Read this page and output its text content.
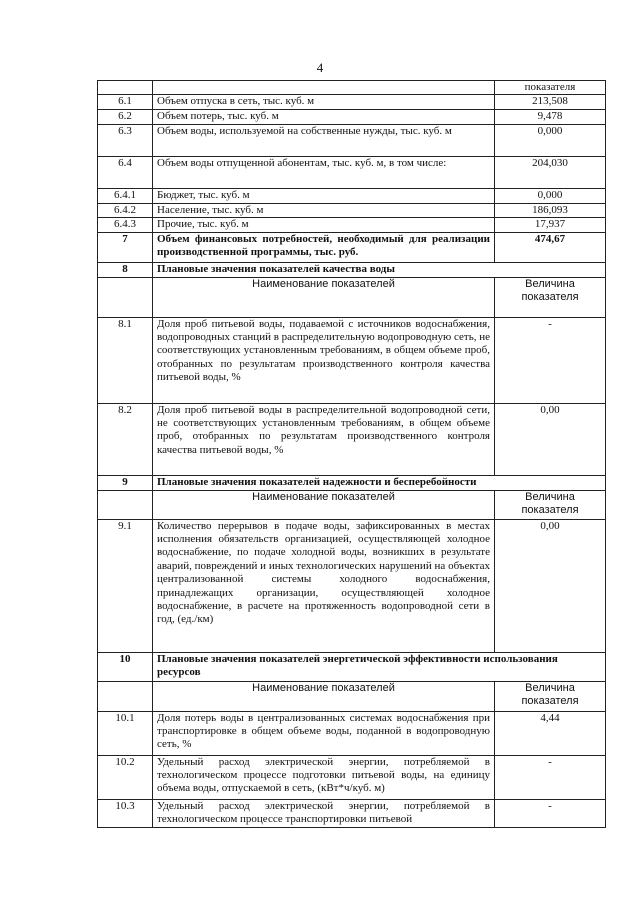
4
		показателя
6.1	Объем отпуска в сеть, тыс. куб. м	213,508
6.2	Объем потерь, тыс. куб. м	9,478
6.3	Объем воды, используемой на собственные нужды, тыс. куб. м	0,000
6.4	Объем воды отпущенной абонентам, тыс. куб. м, в том числе:	204,030
6.4.1	Бюджет, тыс. куб. м	0,000
6.4.2	Население, тыс. куб. м	186,093
6.4.3	Прочие, тыс. куб. м	17,937
7	Объем финансовых потребностей, необходимый для реализации производственной программы, тыс. руб.	474,67
8	Плановые значения показателей качества воды	
	Наименование показателей	Величина показателя
8.1	Доля проб питьевой воды, подаваемой с источников водоснабжения, водопроводных станций в распределительную водопроводную сеть, не соответствующих установленным требованиям, в общем объеме проб, отобранных по результатам производственного контроля качества питьевой воды, %	-
8.2	Доля проб питьевой воды в распределительной водопроводной сети, не соответствующих установленным требованиям, в общем объеме проб, отобранных по результатам производственного контроля качества питьевой воды, %	0,00
9	Плановые значения показателей надежности и бесперебойности	
	Наименование показателей	Величина показателя
9.1	Количество перерывов в подаче воды, зафиксированных в местах исполнения обязательств организацией, осуществляющей холодное водоснабжение, по подаче холодной воды, возникших в результате аварий, повреждений и иных технологических нарушений на объектах централизованной системы холодного водоснабжения, принадлежащих организации, осуществляющей холодное водоснабжение, в расчете на протяженность водопроводной сети в год, (ед./км)	0,00
10	Плановые значения показателей энергетической эффективности использования ресурсов	
	Наименование показателей	Величина показателя
10.1	Доля потерь воды в централизованных системах водоснабжения при транспортировке в общем объеме воды, поданной в водопроводную сеть, %	4,44
10.2	Удельный расход электрической энергии, потребляемой в технологическом процессе подготовки питьевой воды, на единицу объема воды, отпускаемой в сеть, (кВт*ч/куб. м)	-
10.3	Удельный расход электрической энергии, потребляемой в технологическом процессе транспортировки питьевой	-
